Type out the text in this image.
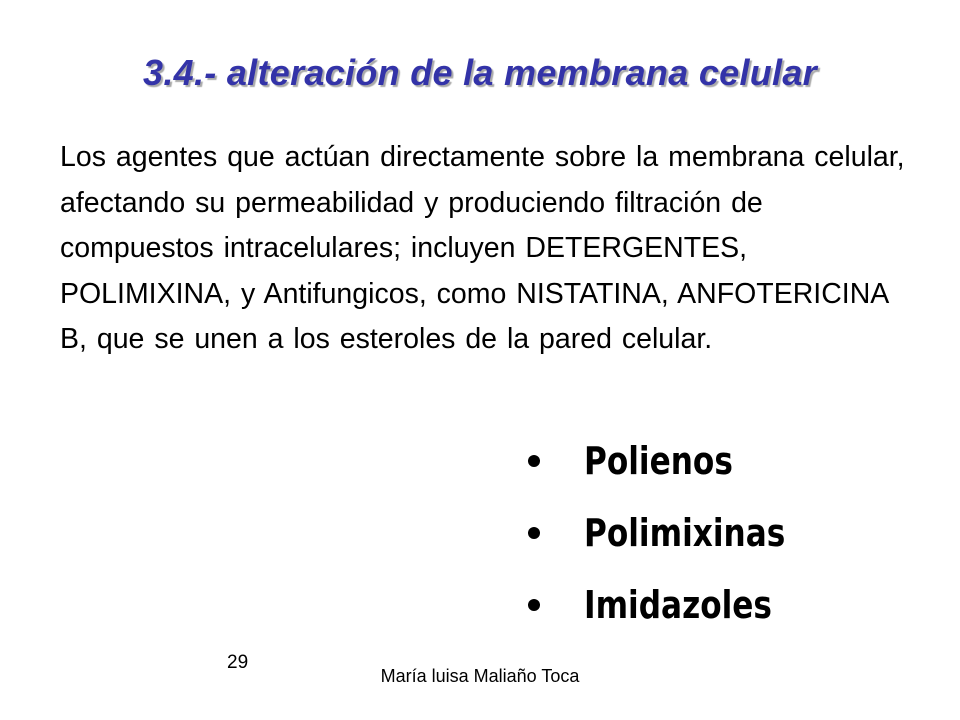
3.4.- alteración de la membrana celular
Los agentes que actúan directamente sobre la membrana celular, afectando su permeabilidad y produciendo filtración de compuestos intracelulares; incluyen DETERGENTES, POLIMIXINA, y Antifungicos, como NISTATINA, ANFOTERICINA B, que se unen a los esteroles de la pared celular.
Polienos
Polimixinas
Imidazoles
29
María luisa Maliaño Toca
